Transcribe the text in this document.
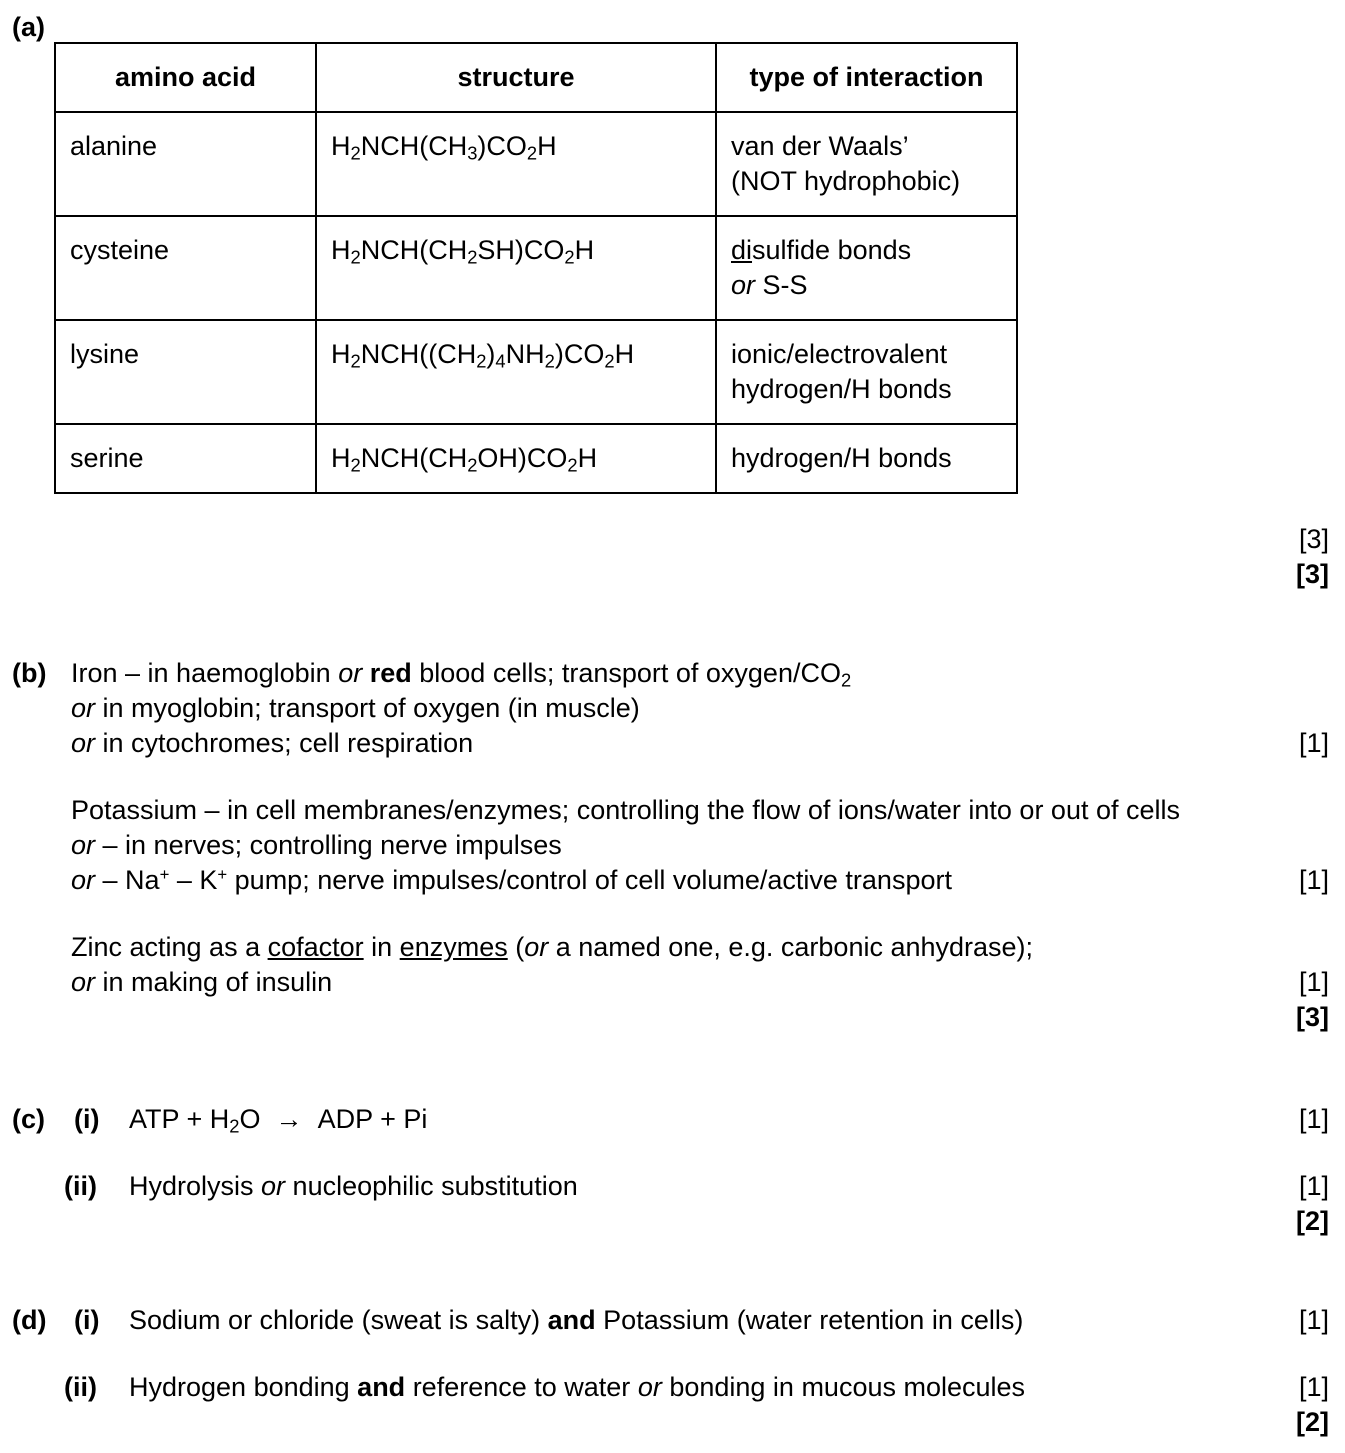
(a)
amino acid	structure	type of interaction
alanine	$H_2NCH(CH_3)CO_2H$	van der Waals’
(NOT hydrophobic)
cysteine	$H_2NCH(CH_2SH)CO_2H$	disulfide bonds
or S-S
lysine	$H_2NCH((CH_2)_4NH_2)CO_2H$	ionic/electrovalent
hydrogen/H bonds
serine	$H_2NCH(CH_2OH)CO_2H$	hydrogen/H bonds
[3]
[3]
(b) Iron – in haemoglobin or red blood cells; transport of oxygen/$CO_2$
or in myoglobin; transport of oxygen (in muscle)
or in cytochromes; cell respiration	[1]
Potassium – in cell membranes/enzymes; controlling the flow of ions/water into or out of cells
or – in nerves; controlling nerve impulses
or – Na+ – K+ pump; nerve impulses/control of cell volume/active transport	[1]
Zinc acting as a cofactor in enzymes (or a named one, e.g. carbonic anhydrase);
or in making of insulin	[1]
[3]
(c) (i) ATP + $H_2O$ → ADP + Pi	[1]
(ii) Hydrolysis or nucleophilic substitution	[1]
[2]
(d) (i) Sodium or chloride (sweat is salty) and Potassium (water retention in cells)	[1]
(ii) Hydrogen bonding and reference to water or bonding in mucous molecules	[1]
[2]
